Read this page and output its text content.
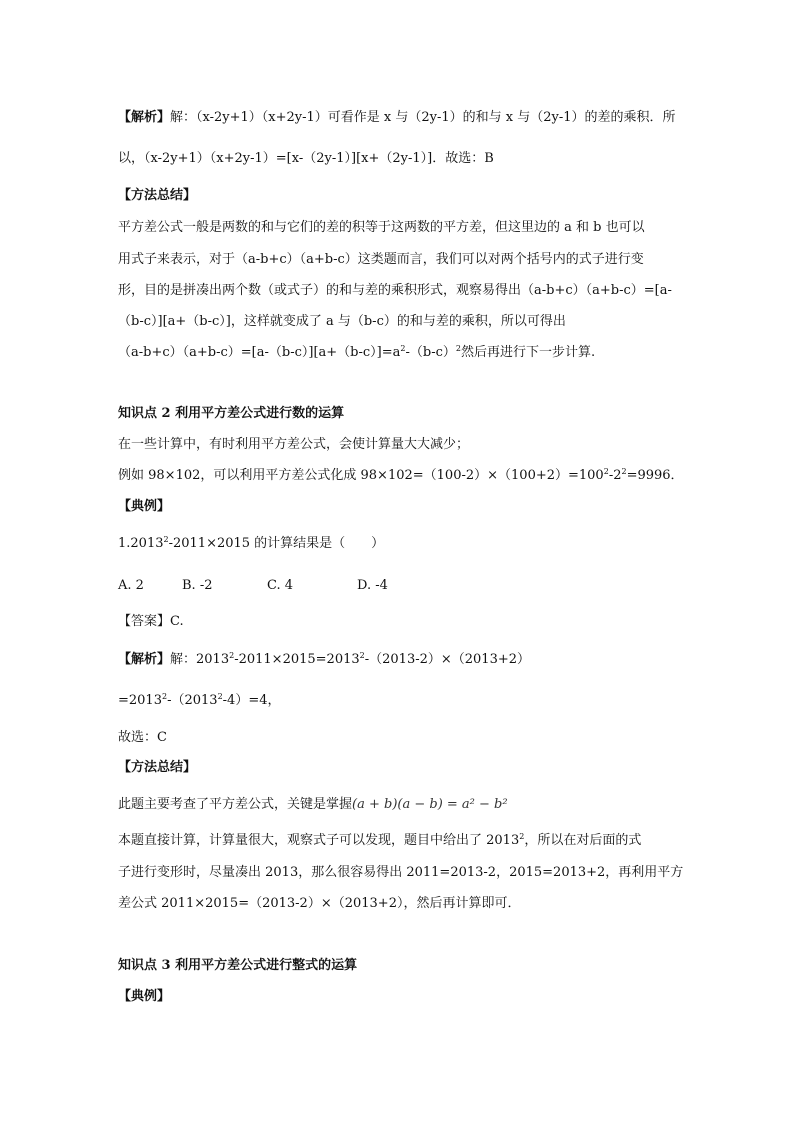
【解析】解：（x-2y+1）（x+2y-1）可看作是 x 与（2y-1）的和与 x 与（2y-1）的差的乘积．所
以，（x-2y+1）（x+2y-1）=[x-（2y-1）][x+（2y-1）]．故选：B
【方法总结】
平方差公式一般是两数的和与它们的差的积等于这两数的平方差，但这里边的 a 和 b 也可以
用式子来表示，对于（a-b+c）（a+b-c）这类题而言，我们可以对两个括号内的式子进行变
形，目的是拼凑出两个数（或式子）的和与差的乘积形式，观察易得出（a-b+c）（a+b-c）=[a-
（b-c）][a+（b-c）]，这样就变成了 a 与（b-c）的和与差的乘积，所以可得出
$(a-b+c)(a+b-c)=[a-(b-c)][a+(b-c)]=a^2-(b-c)^2$然后再进行下一步计算.
知识点 2 利用平方差公式进行数的运算
在一些计算中，有时利用平方差公式，会使计算量大大减少；
例如 98×102，可以利用平方差公式化成 $98\times 102=(100-2)\times(100+2)=100^2-2^2=9996$．
【典例】
$1.2013^2-2011\times 2015$ 的计算结果是（　　）
A. 2	B. -2	C. 4	D. -4
【答案】C.
【解析】解：$2013^2-2011\times 2015=2013^2-(2013-2)\times(2013+2)$
$=2013^2-(2013^2-4)=4$，
故选：C
【方法总结】
此题主要考查了平方差公式，关键是掌握(a + b)(a − b) = a² − b²
本题直接计算，计算量很大，观察式子可以发现，题目中给出了 2013$^2$，所以在对后面的式
子进行变形时，尽量凑出 2013，那么很容易得出 2011=2013-2，2015=2013+2，再利用平方
差公式 2011×2015=（2013-2）×（2013+2），然后再计算即可．
知识点 3 利用平方差公式进行整式的运算
【典例】
